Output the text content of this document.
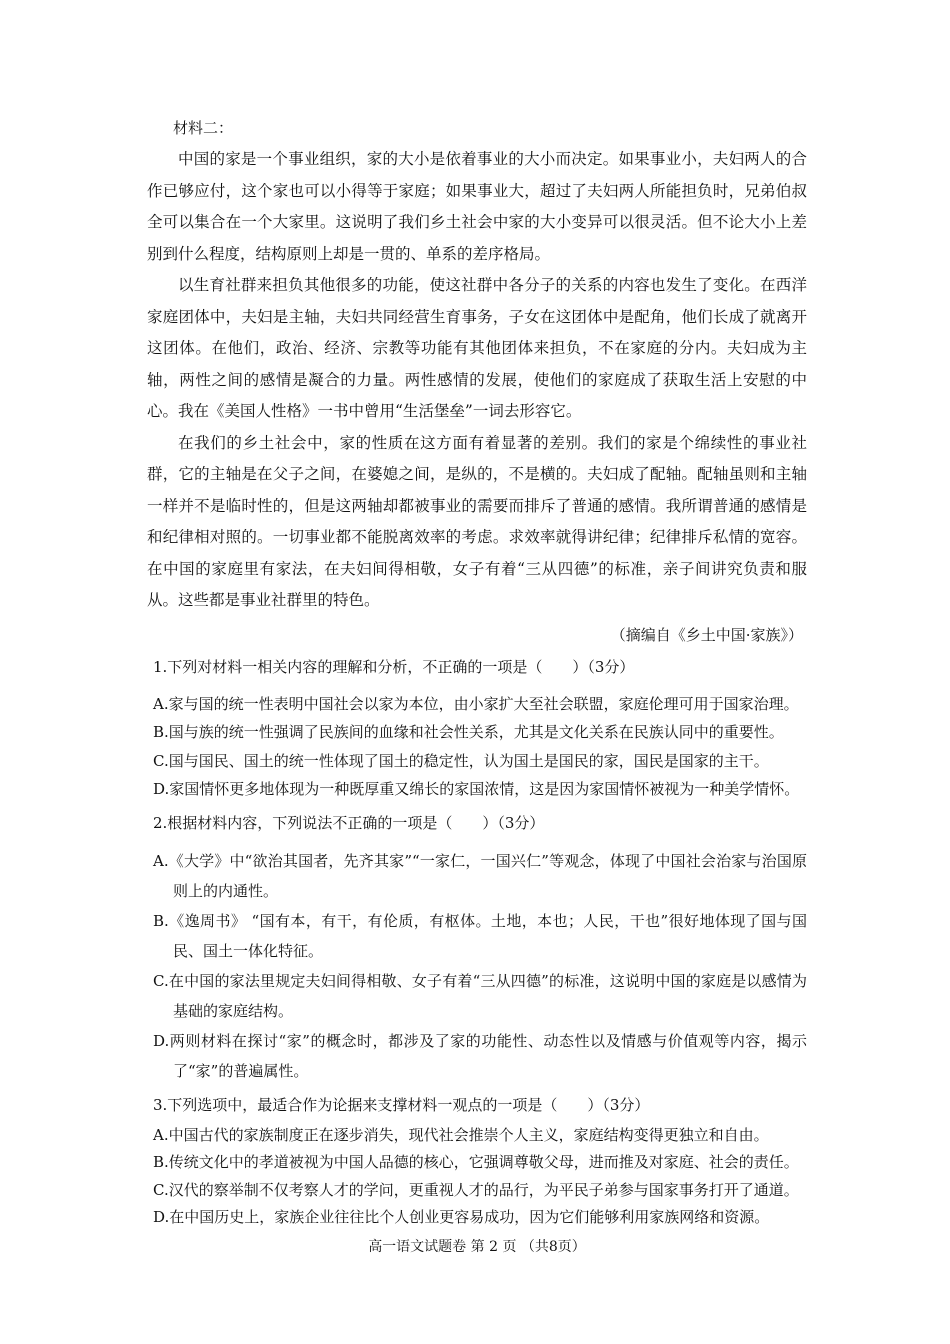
材料二：

中国的家是一个事业组织，家的大小是依着事业的大小而决定。如果事业小，夫妇两人的合作已够应付，这个家也可以小得等于家庭；如果事业大，超过了夫妇两人所能担负时，兄弟伯叔全可以集合在一个大家里。这说明了我们乡土社会中家的大小变异可以很灵活。但不论大小上差别到什么程度，结构原则上却是一贯的、单系的差序格局。

以生育社群来担负其他很多的功能，使这社群中各分子的关系的内容也发生了变化。在西洋家庭团体中，夫妇是主轴，夫妇共同经营生育事务，子女在这团体中是配角，他们长成了就离开这团体。在他们，政治、经济、宗教等功能有其他团体来担负，不在家庭的分内。夫妇成为主轴，两性之间的感情是凝合的力量。两性感情的发展，使他们的家庭成了获取生活上安慰的中心。我在《美国人性格》一书中曾用“生活堡垒”一词去形容它。

在我们的乡土社会中，家的性质在这方面有着显著的差别。我们的家是个绵续性的事业社群，它的主轴是在父子之间，在婆媳之间，是纵的，不是横的。夫妇成了配轴。配轴虽则和主轴一样并不是临时性的，但是这两轴却都被事业的需要而排斥了普通的感情。我所谓普通的感情是和纪律相对照的。一切事业都不能脱离效率的考虑。求效率就得讲纪律；纪律排斥私情的宽容。在中国的家庭里有家法，在夫妇间得相敬，女子有着“三从四德”的标准，亲子间讲究负责和服从。这些都是事业社群里的特色。

（摘编自《乡土中国·家族》）
1.下列对材料一相关内容的理解和分析，不正确的一项是（　　）（3分）
A.家与国的统一性表明中国社会以家为本位，由小家扩大至社会联盟，家庭伦理可用于国家治理。
B.国与族的统一性强调了民族间的血缘和社会性关系，尤其是文化关系在民族认同中的重要性。
C.国与国民、国土的统一性体现了国土的稳定性，认为国土是国民的家，国民是国家的主干。
D.家国情怀更多地体现为一种既厚重又绵长的家国浓情，这是因为家国情怀被视为一种美学情怀。
2.根据材料内容，下列说法不正确的一项是（　　）（3分）
A.《大学》中“欲治其国者，先齐其家”“一家仁，一国兴仁”等观念，体现了中国社会治家与治国原则上的内通性。
B.《逸周书》 “国有本，有干，有伦质，有枢体。土地，本也；人民，干也”很好地体现了国与国民、国土一体化特征。
C.在中国的家法里规定夫妇间得相敬、女子有着“三从四德”的标准，这说明中国的家庭是以感情为基础的家庭结构。
D.两则材料在探讨“家”的概念时，都涉及了家的功能性、动态性以及情感与价值观等内容，揭示了“家”的普遍属性。
3.下列选项中，最适合作为论据来支撑材料一观点的一项是（　　）（3分）
A.中国古代的家族制度正在逐步消失，现代社会推崇个人主义，家庭结构变得更独立和自由。
B.传统文化中的孝道被视为中国人品德的核心，它强调尊敬父母，进而推及对家庭、社会的责任。
C.汉代的察举制不仅考察人才的学问，更重视人才的品行，为平民子弟参与国家事务打开了通道。
D.在中国历史上，家族企业往往比个人创业更容易成功，因为它们能够利用家族网络和资源。
高一语文试题卷 第 2 页 （共8页）
